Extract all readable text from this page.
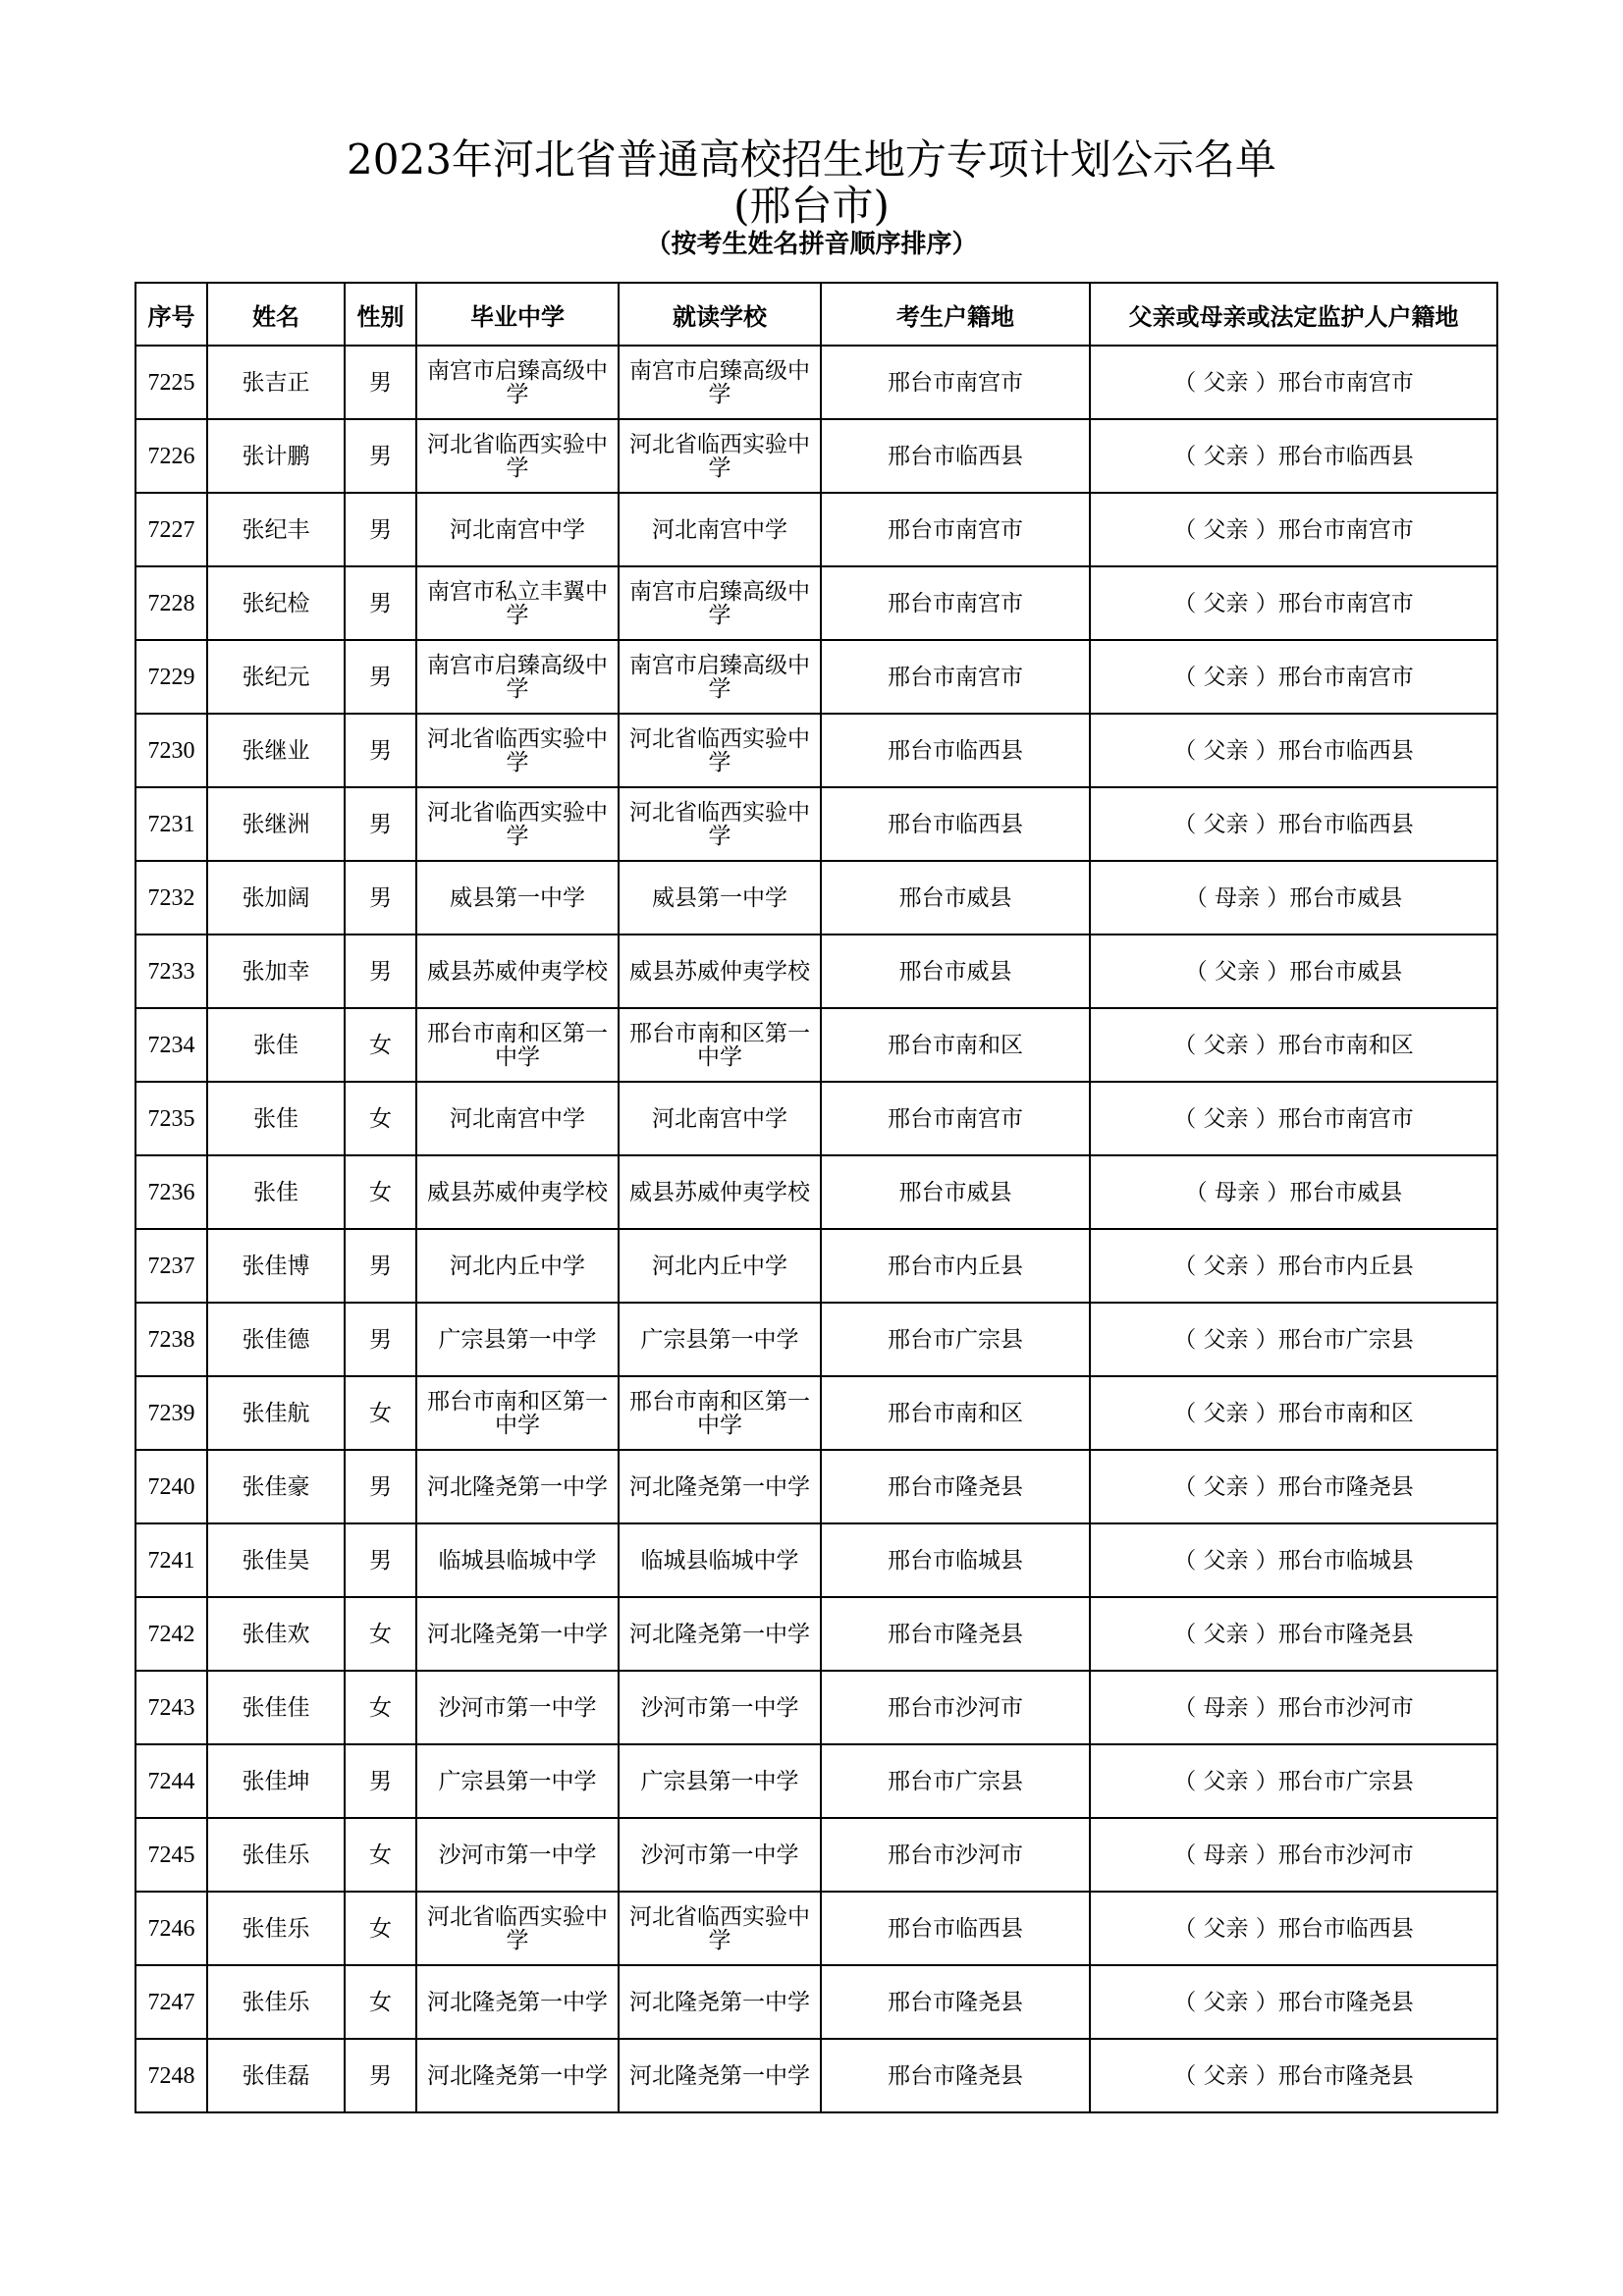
2023年河北省普通高校招生地方专项计划公示名单
(邢台市)
（按考生姓名拼音顺序排序）
序号	姓名	性别	毕业中学	就读学校	考生户籍地	父亲或母亲或法定监护人户籍地
7225	张吉正	男	南宫市启臻高级中学	南宫市启臻高级中学	邢台市南宫市	（ 父亲 ）邢台市南宫市
7226	张计鹏	男	河北省临西实验中学	河北省临西实验中学	邢台市临西县	（ 父亲 ）邢台市临西县
7227	张纪丰	男	河北南宫中学	河北南宫中学	邢台市南宫市	（ 父亲 ）邢台市南宫市
7228	张纪检	男	南宫市私立丰翼中学	南宫市启臻高级中学	邢台市南宫市	（ 父亲 ）邢台市南宫市
7229	张纪元	男	南宫市启臻高级中学	南宫市启臻高级中学	邢台市南宫市	（ 父亲 ）邢台市南宫市
7230	张继业	男	河北省临西实验中学	河北省临西实验中学	邢台市临西县	（ 父亲 ）邢台市临西县
7231	张继洲	男	河北省临西实验中学	河北省临西实验中学	邢台市临西县	（ 父亲 ）邢台市临西县
7232	张加阔	男	威县第一中学	威县第一中学	邢台市威县	（ 母亲 ）邢台市威县
7233	张加幸	男	威县苏威仲夷学校	威县苏威仲夷学校	邢台市威县	（ 父亲 ）邢台市威县
7234	张佳	女	邢台市南和区第一中学	邢台市南和区第一中学	邢台市南和区	（ 父亲 ）邢台市南和区
7235	张佳	女	河北南宫中学	河北南宫中学	邢台市南宫市	（ 父亲 ）邢台市南宫市
7236	张佳	女	威县苏威仲夷学校	威县苏威仲夷学校	邢台市威县	（ 母亲 ）邢台市威县
7237	张佳博	男	河北内丘中学	河北内丘中学	邢台市内丘县	（ 父亲 ）邢台市内丘县
7238	张佳德	男	广宗县第一中学	广宗县第一中学	邢台市广宗县	（ 父亲 ）邢台市广宗县
7239	张佳航	女	邢台市南和区第一中学	邢台市南和区第一中学	邢台市南和区	（ 父亲 ）邢台市南和区
7240	张佳豪	男	河北隆尧第一中学	河北隆尧第一中学	邢台市隆尧县	（ 父亲 ）邢台市隆尧县
7241	张佳昊	男	临城县临城中学	临城县临城中学	邢台市临城县	（ 父亲 ）邢台市临城县
7242	张佳欢	女	河北隆尧第一中学	河北隆尧第一中学	邢台市隆尧县	（ 父亲 ）邢台市隆尧县
7243	张佳佳	女	沙河市第一中学	沙河市第一中学	邢台市沙河市	（ 母亲 ）邢台市沙河市
7244	张佳坤	男	广宗县第一中学	广宗县第一中学	邢台市广宗县	（ 父亲 ）邢台市广宗县
7245	张佳乐	女	沙河市第一中学	沙河市第一中学	邢台市沙河市	（ 母亲 ）邢台市沙河市
7246	张佳乐	女	河北省临西实验中学	河北省临西实验中学	邢台市临西县	（ 父亲 ）邢台市临西县
7247	张佳乐	女	河北隆尧第一中学	河北隆尧第一中学	邢台市隆尧县	（ 父亲 ）邢台市隆尧县
7248	张佳磊	男	河北隆尧第一中学	河北隆尧第一中学	邢台市隆尧县	（ 父亲 ）邢台市隆尧县
